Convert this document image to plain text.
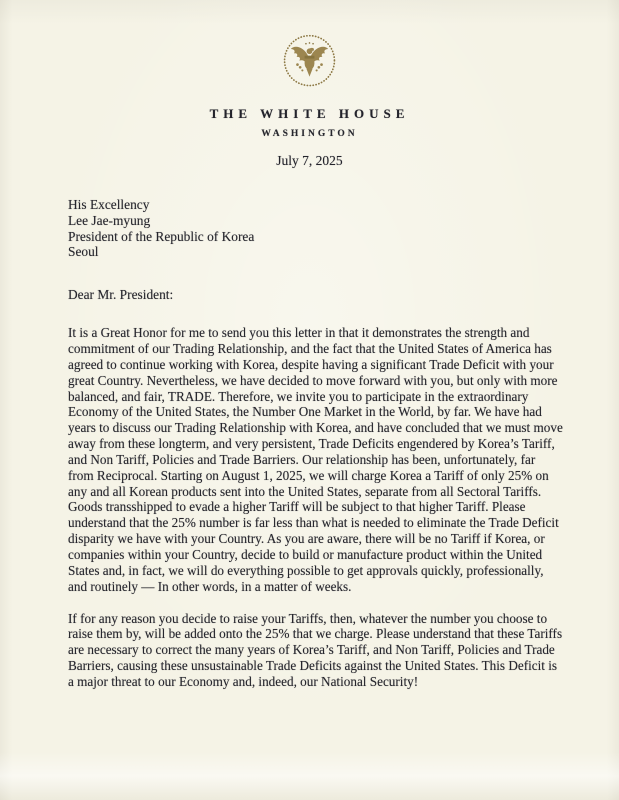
THE WHITE HOUSE
WASHINGTON
July 7, 2025
His Excellency
Lee Jae-myung
President of the Republic of Korea
Seoul
Dear Mr. President:

It is a Great Honor for me to send you this letter in that it demonstrates the strength and commitment of our Trading Relationship, and the fact that the United States of America has agreed to continue working with Korea, despite having a significant Trade Deficit with your great Country. Nevertheless, we have decided to move forward with you, but only with more balanced, and fair, TRADE. Therefore, we invite you to participate in the extraordinary Economy of the United States, the Number One Market in the World, by far. We have had years to discuss our Trading Relationship with Korea, and have concluded that we must move away from these longterm, and very persistent, Trade Deficits engendered by Korea’s Tariff, and Non Tariff, Policies and Trade Barriers. Our relationship has been, unfortunately, far from Reciprocal. Starting on August 1, 2025, we will charge Korea a Tariff of only 25% on any and all Korean products sent into the United States, separate from all Sectoral Tariffs. Goods transshipped to evade a higher Tariff will be subject to that higher Tariff. Please understand that the 25% number is far less than what is needed to eliminate the Trade Deficit disparity we have with your Country. As you are aware, there will be no Tariff if Korea, or companies within your Country, decide to build or manufacture product within the United States and, in fact, we will do everything possible to get approvals quickly, professionally, and routinely — In other words, in a matter of weeks.

If for any reason you decide to raise your Tariffs, then, whatever the number you choose to raise them by, will be added onto the 25% that we charge. Please understand that these Tariffs are necessary to correct the many years of Korea’s Tariff, and Non Tariff, Policies and Trade Barriers, causing these unsustainable Trade Deficits against the United States. This Deficit is a major threat to our Economy and, indeed, our National Security!
